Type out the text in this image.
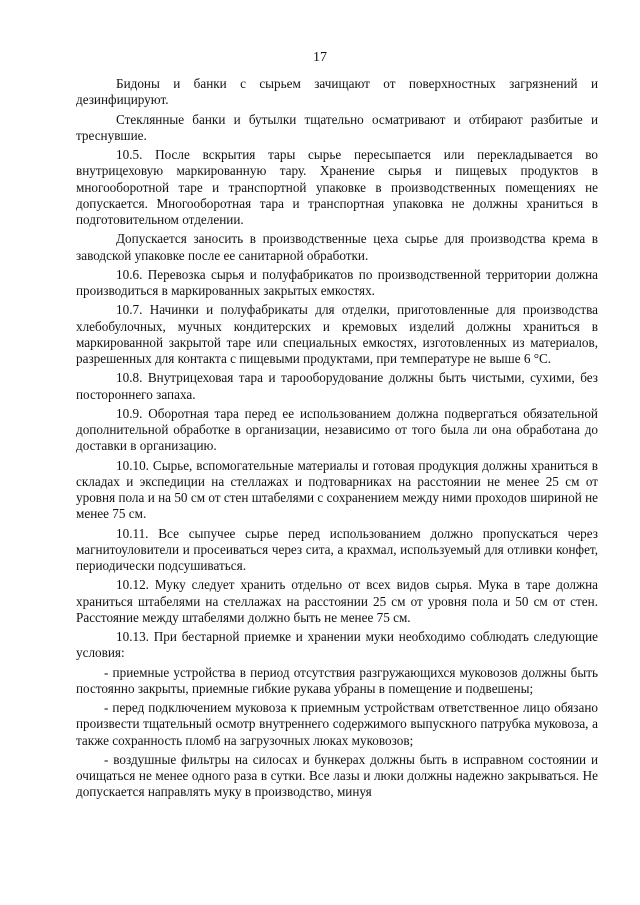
17

Бидоны и банки с сырьем зачищают от поверхностных загрязнений и дезинфицируют.

Стеклянные банки и бутылки тщательно осматривают и отбирают разбитые и треснувшие.

10.5. После вскрытия тары сырье пересыпается или перекладывается во внутрицеховую маркированную тару. Хранение сырья и пищевых продуктов в многооборотной таре и транспортной упаковке в производственных помещениях не допускается. Многооборотная тара и транспортная упаковка не должны храниться в подготовительном отделении.

Допускается заносить в производственные цеха сырье для производства крема в заводской упаковке после ее санитарной обработки.

10.6. Перевозка сырья и полуфабрикатов по производственной территории должна производиться в маркированных закрытых емкостях.

10.7. Начинки и полуфабрикаты для отделки, приготовленные для производства хлебобулочных, мучных кондитерских и кремовых изделий должны храниться в маркированной закрытой таре или специальных емкостях, изготовленных из материалов, разрешенных для контакта с пищевыми продуктами, при температуре не выше 6 °С.

10.8. Внутрицеховая тара и тарооборудование должны быть чистыми, сухими, без постороннего запаха.

10.9. Оборотная тара перед ее использованием должна подвергаться обязательной дополнительной обработке в организации, независимо от того была ли она обработана до доставки в организацию.

10.10. Сырье, вспомогательные материалы и готовая продукция должны храниться в складах и экспедиции на стеллажах и подтоварниках на расстоянии не менее 25 см от уровня пола и на 50 см от стен штабелями с сохранением между ними проходов шириной не менее 75 см.

10.11. Все сыпучее сырье перед использованием должно пропускаться через магнитоуловители и просеиваться через сита, а крахмал, используемый для отливки конфет, периодически подсушиваться.

10.12. Муку следует хранить отдельно от всех видов сырья. Мука в таре должна храниться штабелями на стеллажах на расстоянии 25 см от уровня пола и 50 см от стен. Расстояние между штабелями должно быть не менее 75 см.

10.13. При бестарной приемке и хранении муки необходимо соблюдать следующие условия:

- приемные устройства в период отсутствия разгружающихся муковозов должны быть постоянно закрыты, приемные гибкие рукава убраны в помещение и подвешены;

- перед подключением муковоза к приемным устройствам ответственное лицо обязано произвести тщательный осмотр внутреннего содержимого выпускного патрубка муковоза, а также сохранность пломб на загрузочных люках муковозов;

- воздушные фильтры на силосах и бункерах должны быть в исправном состоянии и очищаться не менее одного раза в сутки. Все лазы и люки должны надежно закрываться. Не допускается направлять муку в производство, минуя
